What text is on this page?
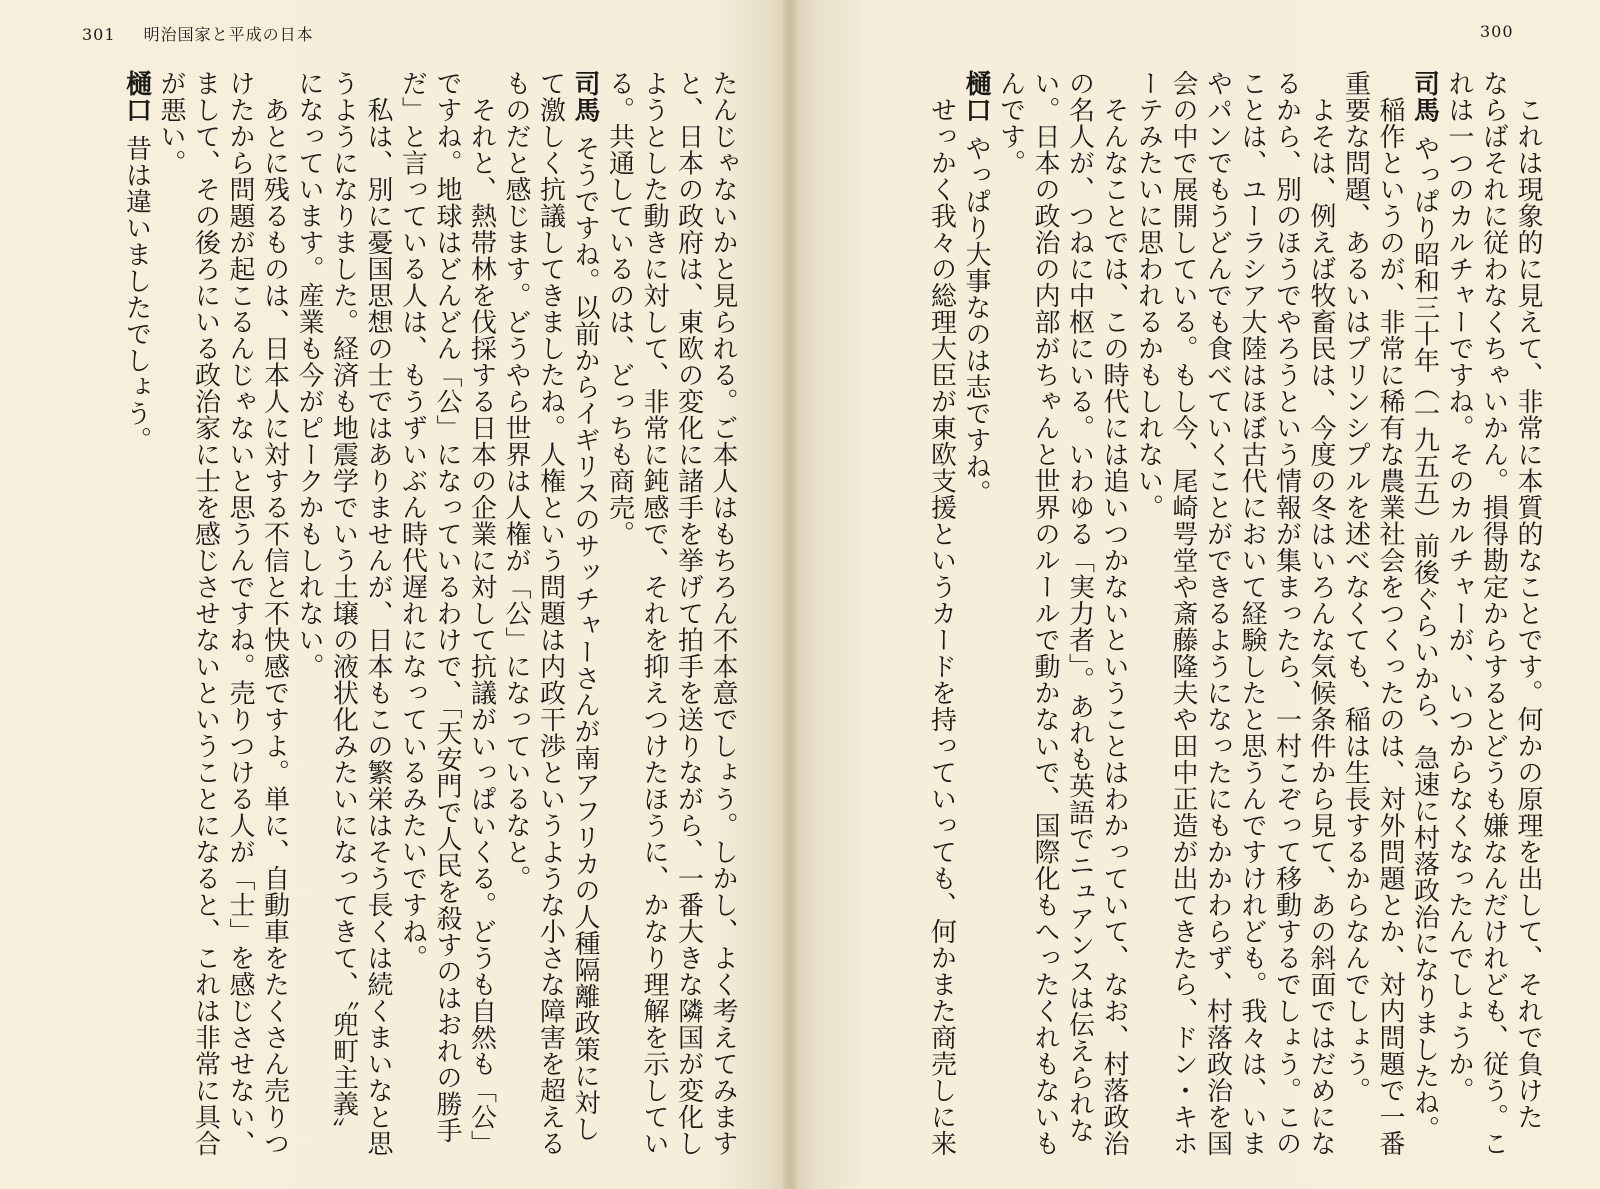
301 明治国家と平成の日本
たんじゃないかと見られる。ご本人はもちろん不本意でしょう。しかし、よく考えてみます
と、日本の政府は、東欧の変化に諸手を挙げて拍手を送りながら、一番大きな隣国が変化し
ようとした動きに対して、非常に鈍感で、それを抑えつけたほうに、かなり理解を示してい
る。共通しているのは、どっちも商売。
司馬そうですね。以前からイギリスのサッチャーさんが南アフリカの人種隔離政策に対し
て激しく抗議してきましたね。人権という問題は内政干渉というような小さな障害を超える
ものだと感じます。どうやら世界は人権が「公」になっているなと。
　それと、熱帯林を伐採する日本の企業に対して抗議がいっぱいくる。どうも自然も「公」
ですね。地球はどんどん「公」になっているわけで、「天安門で人民を殺すのはおれの勝手
だ」と言っている人は、もうずいぶん時代遅れになっているみたいですね。
　私は、別に憂国思想の士ではありませんが、日本もこの繁栄はそう長くは続くまいなと思
うようになりました。経済も地震学でいう土壌の液状化みたいになってきて、〝兜町主義〟
になっています。産業も今がピークかもしれない。
　あとに残るものは、日本人に対する不信と不快感ですよ。単に、自動車をたくさん売りつ
けたから問題が起こるんじゃないと思うんですね。売りつける人が「士」を感じさせない、
まして、その後ろにいる政治家に士を感じさせないということになると、これは非常に具合
が悪い。
樋口昔は違いましたでしょう。
300
　これは現象的に見えて、非常に本質的なことです。何かの原理を出して、それで負けた
ならばそれに従わなくちゃいかん。損得勘定からするとどうも嫌なんだけれども、従う。こ
れは一つのカルチャーですね。そのカルチャーが、いつからなくなったんでしょうか。
司馬やっぱり昭和三十年（一九五五）前後ぐらいから、急速に村落政治になりましたね。
　稲作というのが、非常に稀有な農業社会をつくったのは、対外問題とか、対内問題で一番
重要な問題、あるいはプリンシプルを述べなくても、稲は生長するからなんでしょう。
　よそは、例えば牧畜民は、今度の冬はいろんな気候条件から見て、あの斜面ではだめにな
るから、別のほうでやろうという情報が集まったら、一村こぞって移動するでしょう。この
ことは、ユーラシア大陸はほぼ古代において経験したと思うんですけれども。我々は、いま
やパンでもうどんでも食べていくことができるようになったにもかかわらず、村落政治を国
会の中で展開している。もし今、尾崎咢堂や斎藤隆夫や田中正造が出てきたら、ドン・キホ
ーテみたいに思われるかもしれない。
　そんなことでは、この時代には追いつかないということはわかっていて、なお、村落政治
の名人が、つねに中枢にいる。いわゆる「実力者」。あれも英語でニュアンスは伝えられな
い。日本の政治の内部がちゃんと世界のルールで動かないで、国際化もへったくれもないも
んです。
樋口やっぱり大事なのは志ですね。
　せっかく我々の総理大臣が東欧支援というカードを持っていっても、何かまた商売しに来
